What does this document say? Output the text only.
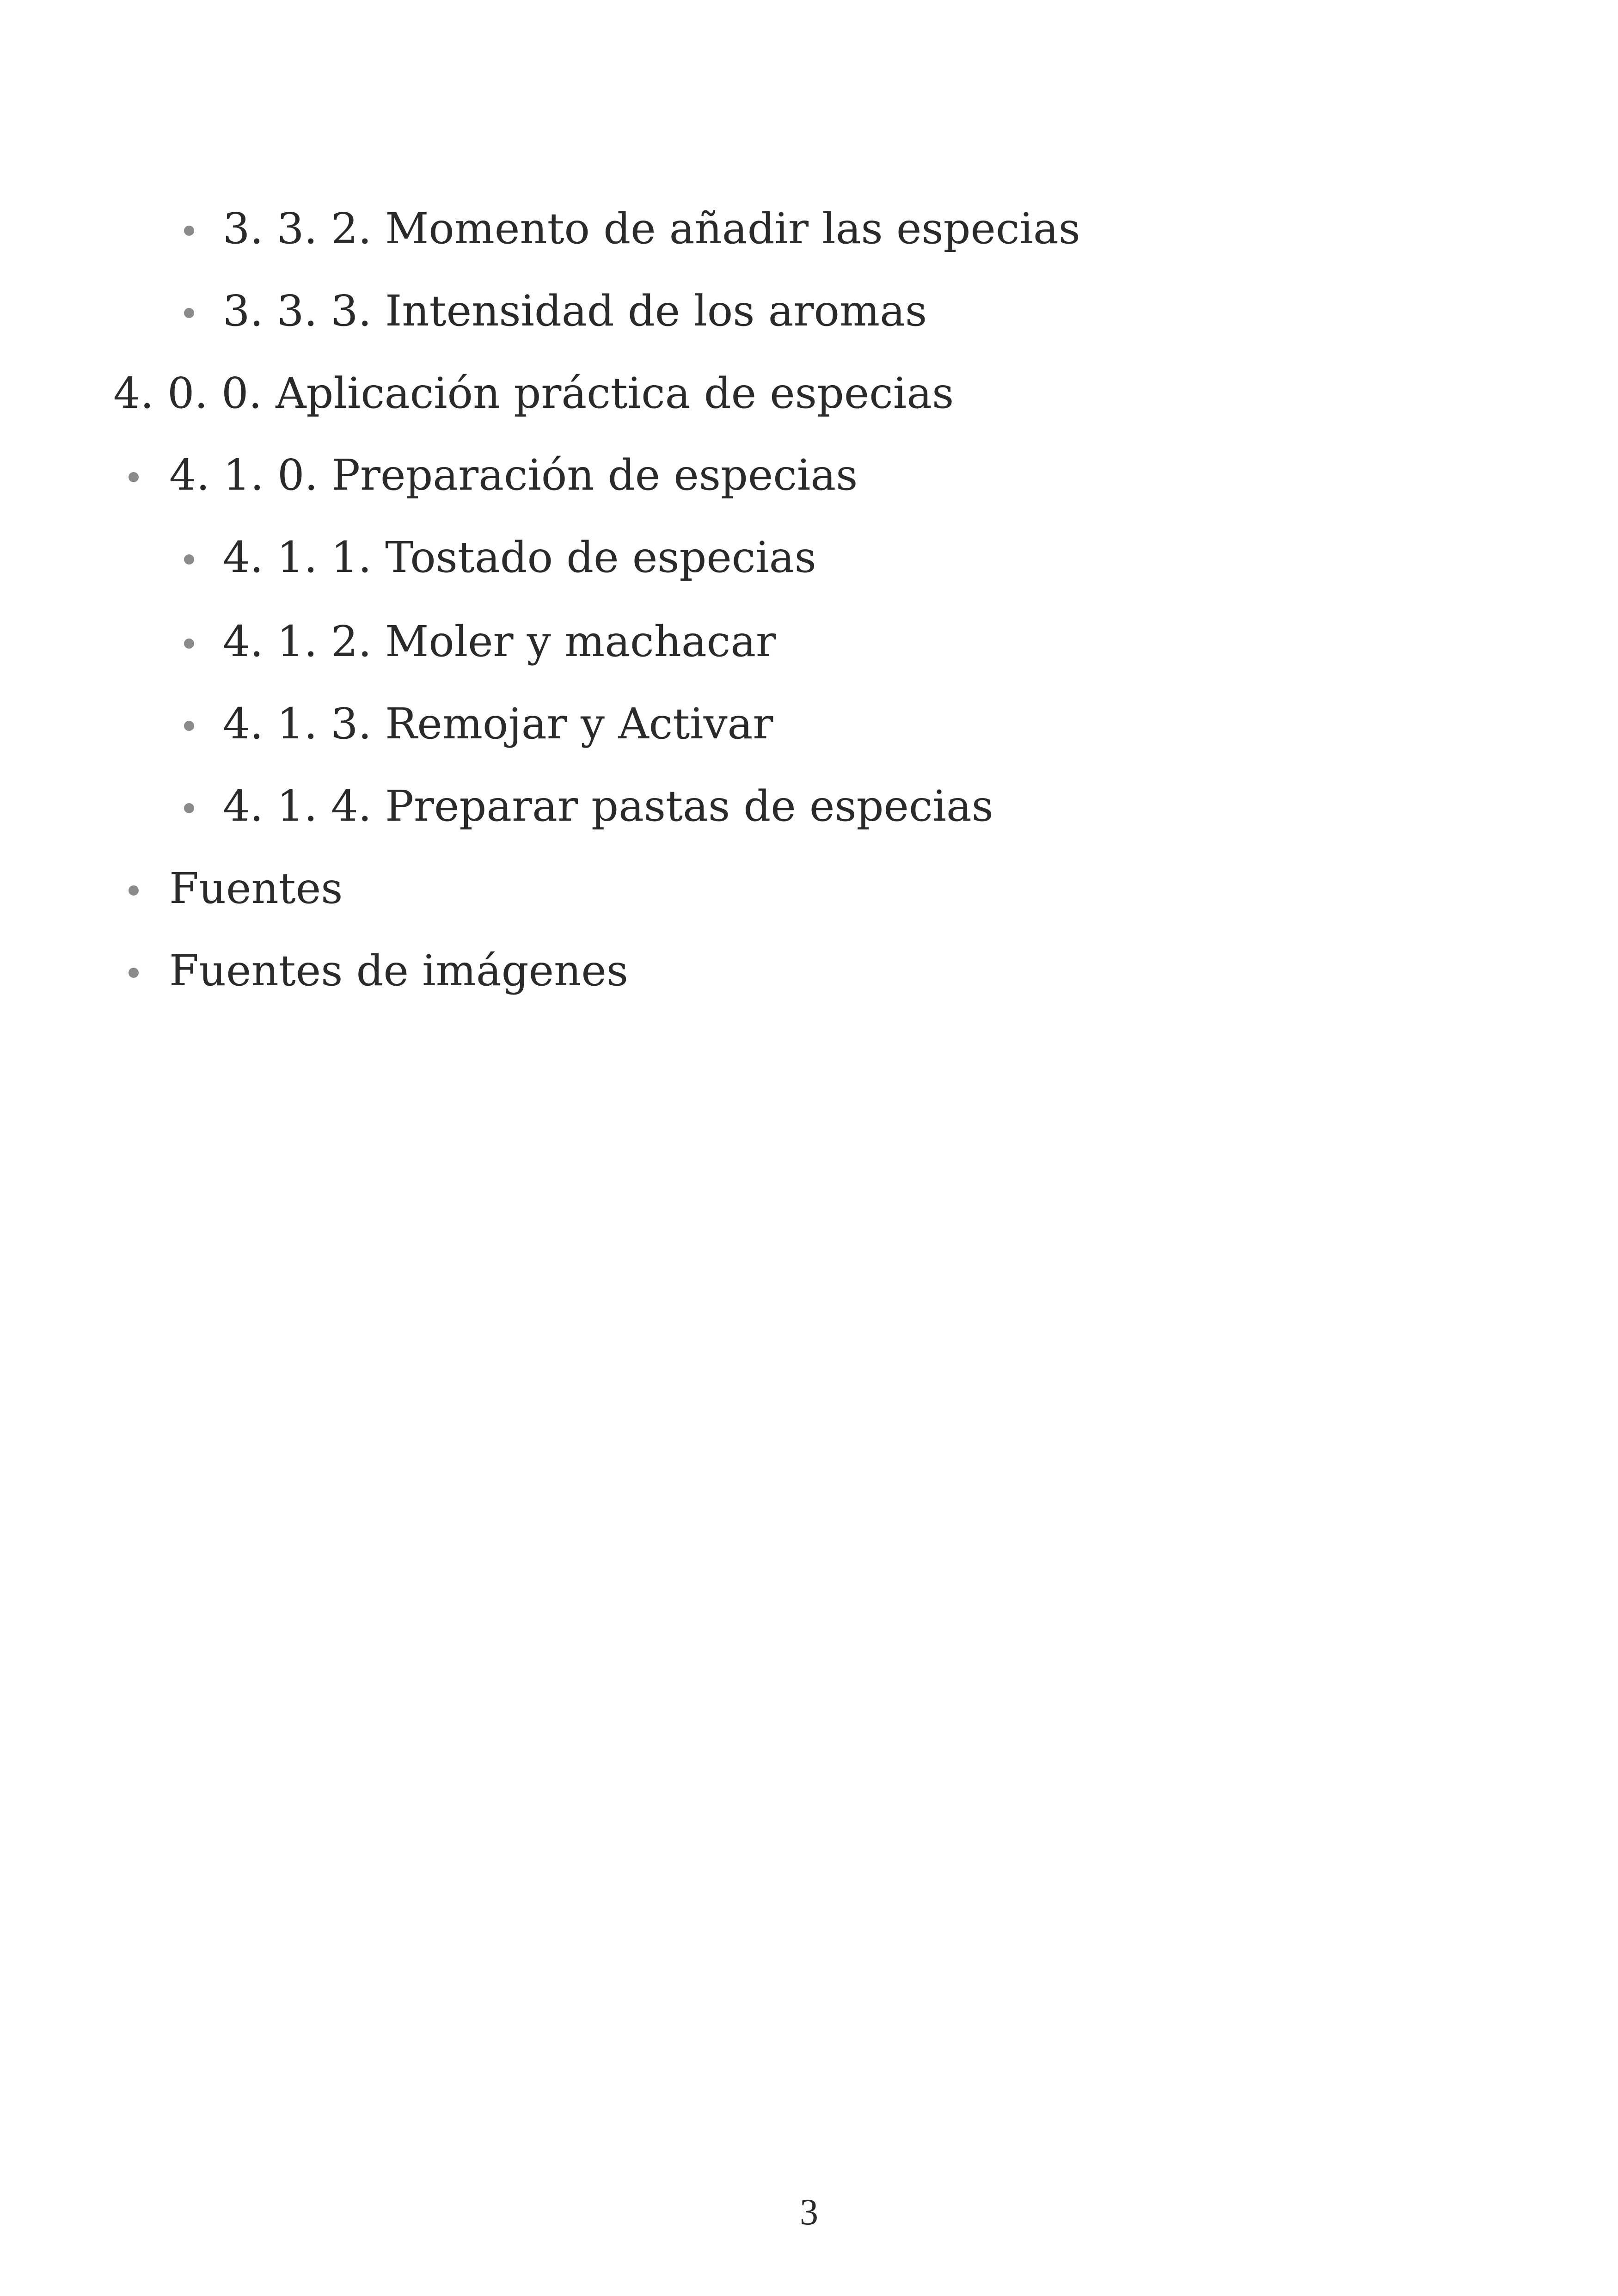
3. 3. 2. Momento de añadir las especias
3. 3. 3. Intensidad de los aromas
4. 0. 0. Aplicación práctica de especias
4. 1. 0. Preparación de especias
4. 1. 1. Tostado de especias
4. 1. 2. Moler y machacar
4. 1. 3. Remojar y Activar
4. 1. 4. Preparar pastas de especias
Fuentes
Fuentes de imágenes
3
